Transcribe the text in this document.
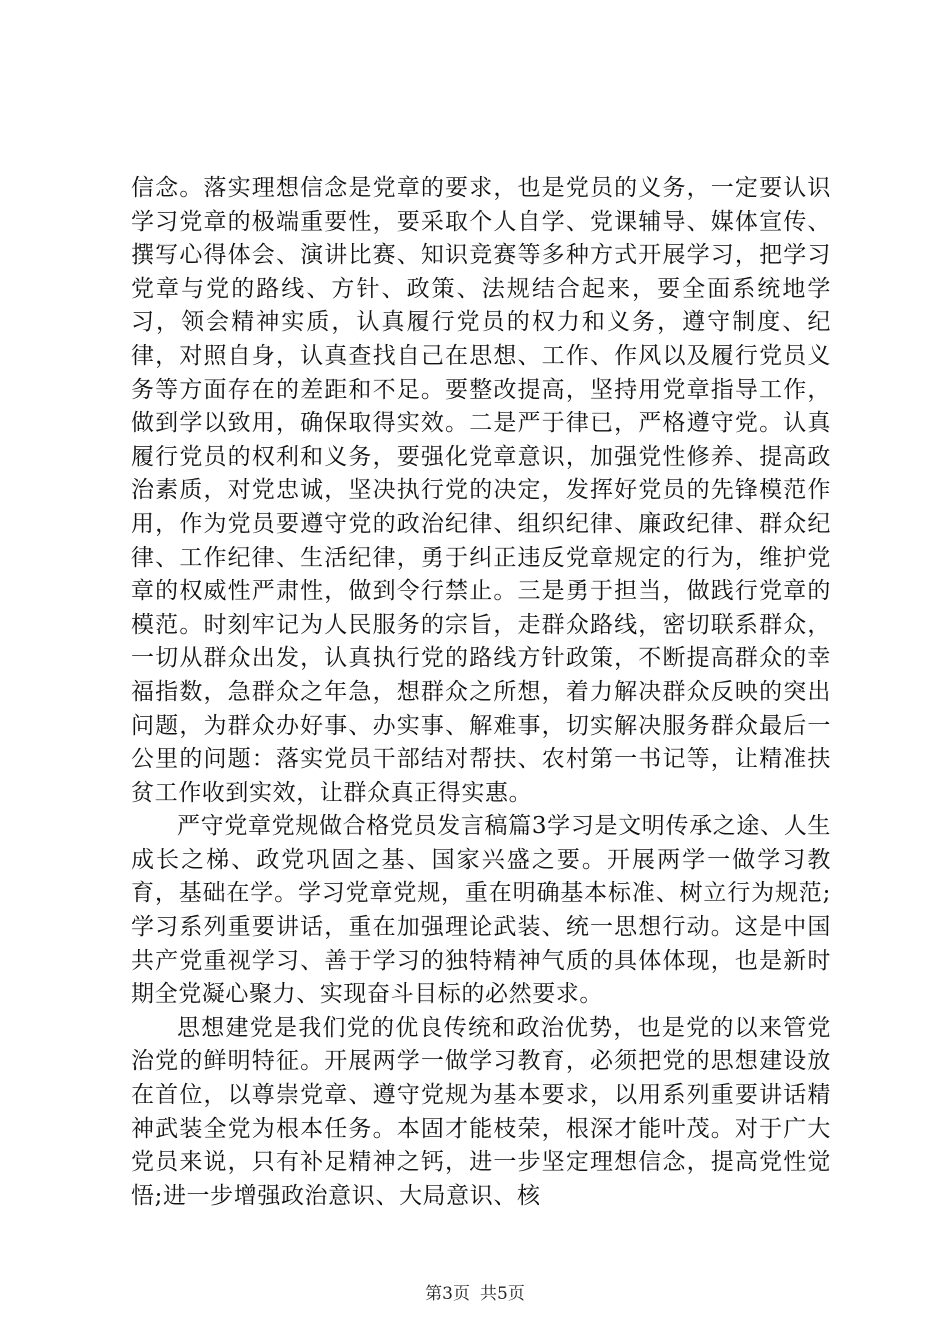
信念。落实理想信念是党章的要求，也是党员的义务，一定要认识学习党章的极端重要性，要采取个人自学、党课辅导、媒体宣传、撰写心得体会、演讲比赛、知识竞赛等多种方式开展学习，把学习党章与党的路线、方针、政策、法规结合起来，要全面系统地学习，领会精神实质，认真履行党员的权力和义务，遵守制度、纪律，对照自身，认真查找自己在思想、工作、作风以及履行党员义务等方面存在的差距和不足。要整改提高，坚持用党章指导工作，做到学以致用，确保取得实效。二是严于律已，严格遵守党。认真履行党员的权利和义务，要强化党章意识，加强党性修养、提高政治素质，对党忠诚，坚决执行党的决定，发挥好党员的先锋模范作用，作为党员要遵守党的政治纪律、组织纪律、廉政纪律、群众纪律、工作纪律、生活纪律，勇于纠正违反党章规定的行为，维护党章的权威性严肃性，做到令行禁止。三是勇于担当，做践行党章的模范。时刻牢记为人民服务的宗旨，走群众路线，密切联系群众，一切从群众出发，认真执行党的路线方针政策，不断提高群众的幸福指数，急群众之年急，想群众之所想，着力解决群众反映的突出问题，为群众办好事、办实事、解难事，切实解决服务群众最后一公里的问题：落实党员干部结对帮扶、农村第一书记等，让精准扶贫工作收到实效，让群众真正得实惠。

严守党章党规做合格党员发言稿篇3学习是文明传承之途、人生成长之梯、政党巩固之基、国家兴盛之要。开展两学一做学习教育，基础在学。学习党章党规，重在明确基本标准、树立行为规范;学习系列重要讲话，重在加强理论武装、统一思想行动。这是中国共产党重视学习、善于学习的独特精神气质的具体体现，也是新时期全党凝心聚力、实现奋斗目标的必然要求。

思想建党是我们党的优良传统和政治优势，也是党的以来管党治党的鲜明特征。开展两学一做学习教育，必须把党的思想建设放在首位，以尊崇党章、遵守党规为基本要求，以用系列重要讲话精神武装全党为根本任务。本固才能枝荣，根深才能叶茂。对于广大党员来说，只有补足精神之钙，进一步坚定理想信念，提高党性觉悟;进一步增强政治意识、大局意识、核

第3页 共5页
